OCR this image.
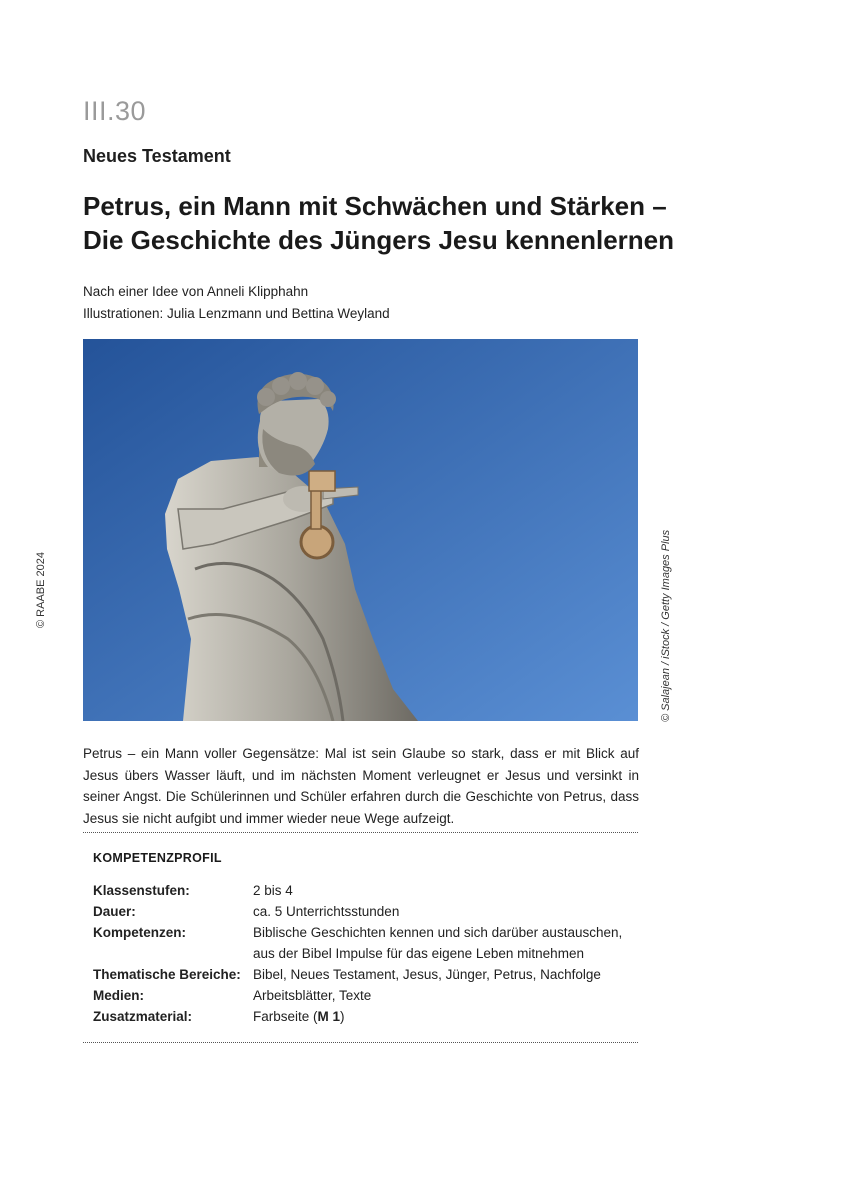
III.30
Neues Testament
Petrus, ein Mann mit Schwächen und Stärken –
Die Geschichte des Jüngers Jesu kennenlernen
Nach einer Idee von Anneli Klipphahn
Illustrationen: Julia Lenzmann und Bettina Weyland
© RAABE 2024	© Salajean / iStock / Getty Images Plus
Petrus – ein Mann voller Gegensätze: Mal ist sein Glaube so stark, dass er mit Blick auf Jesus übers Wasser läuft, und im nächsten Moment verleugnet er Jesus und versinkt in seiner Angst. Die Schülerinnen und Schüler erfahren durch die Geschichte von Petrus, dass Jesus sie nicht aufgibt und immer wieder neue Wege aufzeigt.
KOMPETENZPROFIL
Klassenstufen:	2 bis 4
Dauer:	ca. 5 Unterrichtsstunden
Kompetenzen:	Biblische Geschichten kennen und sich darüber austauschen, aus der Bibel Impulse für das eigene Leben mitnehmen
Thematische Bereiche: Bibel, Neues Testament, Jesus, Jünger, Petrus, Nachfolge
Medien:	Arbeitsblätter, Texte
Zusatzmaterial:	Farbseite (M 1)
